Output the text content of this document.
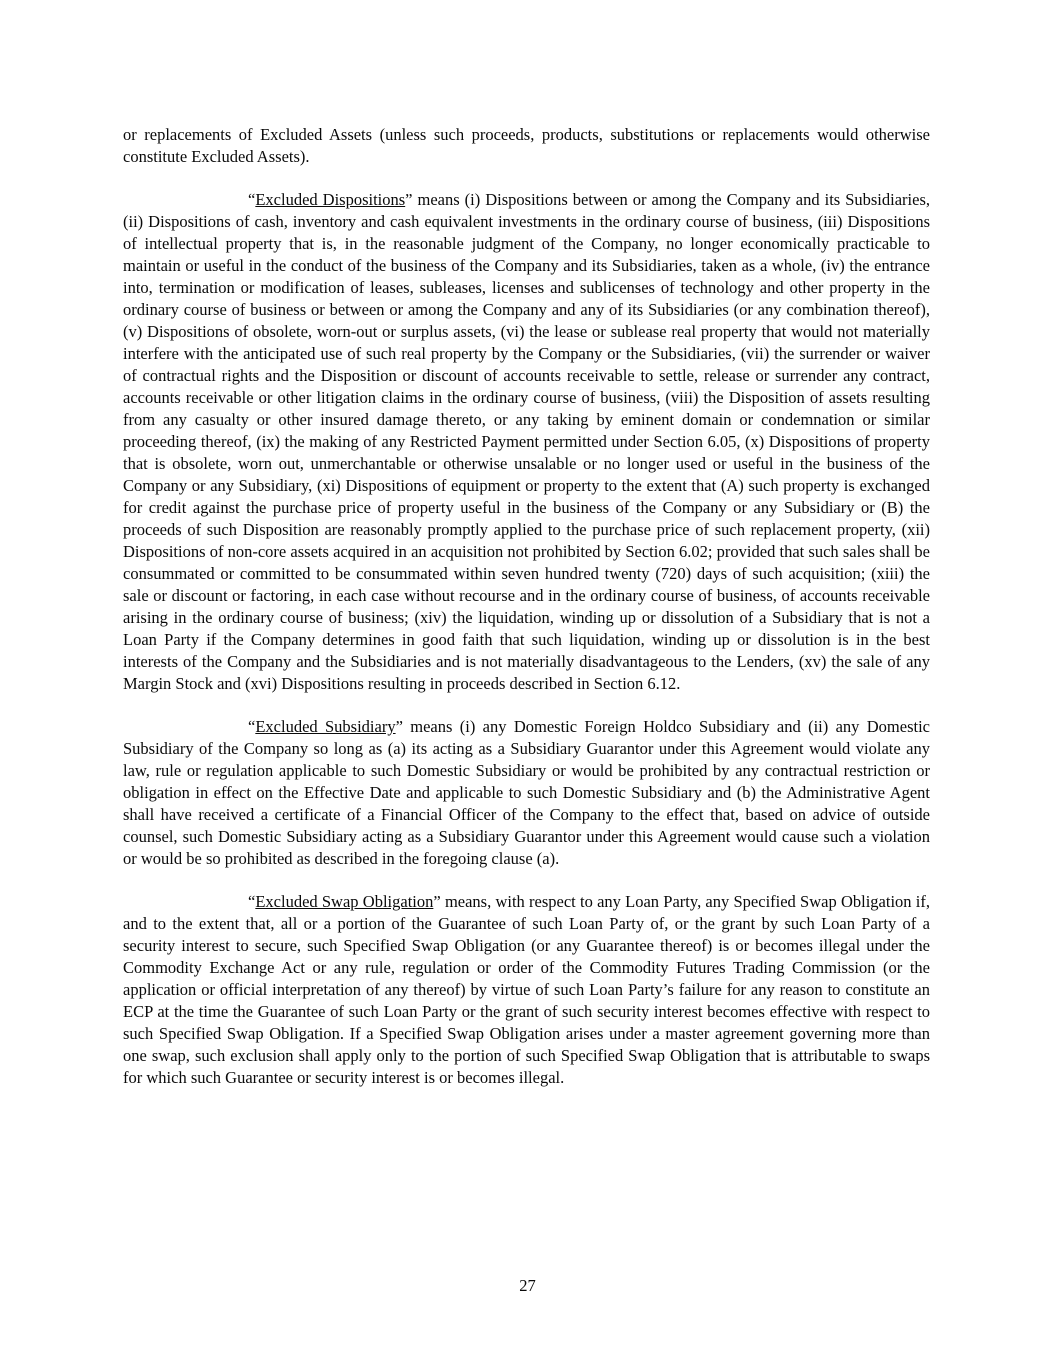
or replacements of Excluded Assets (unless such proceeds, products, substitutions or replacements would otherwise constitute Excluded Assets).

“Excluded Dispositions” means (i) Dispositions between or among the Company and its Subsidiaries, (ii) Dispositions of cash, inventory and cash equivalent investments in the ordinary course of business, (iii) Dispositions of intellectual property that is, in the reasonable judgment of the Company, no longer economically practicable to maintain or useful in the conduct of the business of the Company and its Subsidiaries, taken as a whole, (iv) the entrance into, termination or modification of leases, subleases, licenses and sublicenses of technology and other property in the ordinary course of business or between or among the Company and any of its Subsidiaries (or any combination thereof), (v) Dispositions of obsolete, worn-out or surplus assets, (vi) the lease or sublease real property that would not materially interfere with the anticipated use of such real property by the Company or the Subsidiaries, (vii) the surrender or waiver of contractual rights and the Disposition or discount of accounts receivable to settle, release or surrender any contract, accounts receivable or other litigation claims in the ordinary course of business, (viii) the Disposition of assets resulting from any casualty or other insured damage thereto, or any taking by eminent domain or condemnation or similar proceeding thereof, (ix) the making of any Restricted Payment permitted under Section 6.05, (x) Dispositions of property that is obsolete, worn out, unmerchantable or otherwise unsalable or no longer used or useful in the business of the Company or any Subsidiary, (xi) Dispositions of equipment or property to the extent that (A) such property is exchanged for credit against the purchase price of property useful in the business of the Company or any Subsidiary or (B) the proceeds of such Disposition are reasonably promptly applied to the purchase price of such replacement property, (xii) Dispositions of non-core assets acquired in an acquisition not prohibited by Section 6.02; provided that such sales shall be consummated or committed to be consummated within seven hundred twenty (720) days of such acquisition; (xiii) the sale or discount or factoring, in each case without recourse and in the ordinary course of business, of accounts receivable arising in the ordinary course of business; (xiv) the liquidation, winding up or dissolution of a Subsidiary that is not a Loan Party if the Company determines in good faith that such liquidation, winding up or dissolution is in the best interests of the Company and the Subsidiaries and is not materially disadvantageous to the Lenders, (xv) the sale of any Margin Stock and (xvi) Dispositions resulting in proceeds described in Section 6.12.

“Excluded Subsidiary” means (i) any Domestic Foreign Holdco Subsidiary and (ii) any Domestic Subsidiary of the Company so long as (a) its acting as a Subsidiary Guarantor under this Agreement would violate any law, rule or regulation applicable to such Domestic Subsidiary or would be prohibited by any contractual restriction or obligation in effect on the Effective Date and applicable to such Domestic Subsidiary and (b) the Administrative Agent shall have received a certificate of a Financial Officer of the Company to the effect that, based on advice of outside counsel, such Domestic Subsidiary acting as a Subsidiary Guarantor under this Agreement would cause such a violation or would be so prohibited as described in the foregoing clause (a).

“Excluded Swap Obligation” means, with respect to any Loan Party, any Specified Swap Obligation if, and to the extent that, all or a portion of the Guarantee of such Loan Party of, or the grant by such Loan Party of a security interest to secure, such Specified Swap Obligation (or any Guarantee thereof) is or becomes illegal under the Commodity Exchange Act or any rule, regulation or order of the Commodity Futures Trading Commission (or the application or official interpretation of any thereof) by virtue of such Loan Party’s failure for any reason to constitute an ECP at the time the Guarantee of such Loan Party or the grant of such security interest becomes effective with respect to such Specified Swap Obligation. If a Specified Swap Obligation arises under a master agreement governing more than one swap, such exclusion shall apply only to the portion of such Specified Swap Obligation that is attributable to swaps for which such Guarantee or security interest is or becomes illegal.

27
